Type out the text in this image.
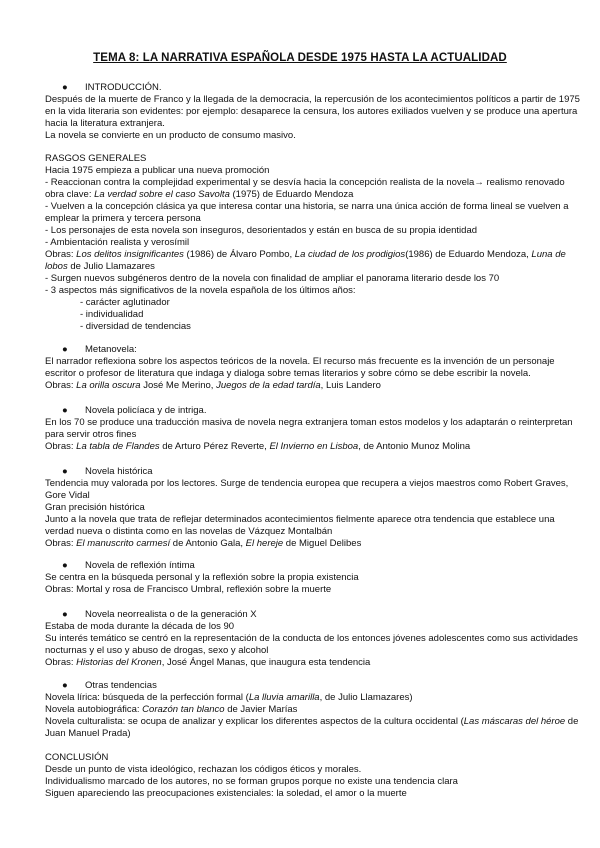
TEMA 8: LA NARRATIVA ESPAÑOLA DESDE 1975 HASTA LA ACTUALIDAD
● INTRODUCCIÓN.
Después de la muerte de Franco y la llegada de la democracia, la repercusión de los acontecimientos políticos a partir de 1975
en la vida literaria son evidentes: por ejemplo: desaparece la censura, los autores exiliados vuelven y se produce una apertura
hacia la literatura extranjera.
La novela se convierte en un producto de consumo masivo.
RASGOS GENERALES
Hacia 1975 empieza a publicar una nueva promoción
- Reaccionan contra la complejidad experimental y se desvía hacia la concepción realista de la novela→ realismo renovado
obra clave: La verdad sobre el caso Savolta (1975) de Eduardo Mendoza
- Vuelven a la concepción clásica ya que interesa contar una historia, se narra una única acción de forma lineal se vuelven a
emplear la primera y tercera persona
- Los personajes de esta novela son inseguros, desorientados y están en busca de su propia identidad
- Ambientación realista y verosímil
Obras: Los delitos insignificantes (1986) de Álvaro Pombo, La ciudad de los prodigios(1986) de Eduardo Mendoza, Luna de
lobos de Julio Llamazares
- Surgen nuevos subgéneros dentro de la novela con finalidad de ampliar el panorama literario desde los 70
- 3 aspectos más significativos de la novela española de los últimos años:
- carácter aglutinador
- individualidad
- diversidad de tendencias
● Metanovela:
El narrador reflexiona sobre los aspectos teóricos de la novela. El recurso más frecuente es la invención de un personaje
escritor o profesor de literatura que indaga y dialoga sobre temas literarios y sobre cómo se debe escribir la novela.
Obras: La orilla oscura José Me Merino, Juegos de la edad tardía, Luis Landero
● Novela policíaca y de intriga.
En los 70 se produce una traducción masiva de novela negra extranjera toman estos modelos y los adaptarán o reinterpretan
para servir otros fines
Obras: La tabla de Flandes de Arturo Pérez Reverte, El Invierno en Lisboa, de Antonio Munoz Molina
● Novela histórica
Tendencia muy valorada por los lectores. Surge de tendencia europea que recupera a viejos maestros como Robert Graves,
Gore Vidal
Gran precisión histórica
Junto a la novela que trata de reflejar determinados acontecimientos fielmente aparece otra tendencia que establece una
verdad nueva o distinta como en las novelas de Vázquez Montalbán
Obras: El manuscrito carmesí de Antonio Gala, El hereje de Miguel Delibes
● Novela de reflexión íntima
Se centra en la búsqueda personal y la reflexión sobre la propia existencia
Obras: Mortal y rosa de Francisco Umbral, reflexión sobre la muerte
● Novela neorrealista o de la generación X
Estaba de moda durante la década de los 90
Su interés temático se centró en la representación de la conducta de los entonces jóvenes adolescentes como sus actividades
nocturnas y el uso y abuso de drogas, sexo y alcohol
Obras: Historias del Kronen, José Ángel Manas, que inaugura esta tendencia
● Otras tendencias
Novela lírica: búsqueda de la perfección formal (La lluvia amarilla, de Julio Llamazares)
Novela autobiográfica: Corazón tan blanco de Javier Marías
Novela culturalista: se ocupa de analizar y explicar los diferentes aspectos de la cultura occidental (Las máscaras del héroe de
Juan Manuel Prada)
CONCLUSIÓN
Desde un punto de vista ideológico, rechazan los códigos éticos y morales.
Individualismo marcado de los autores, no se forman grupos porque no existe una tendencia clara
Siguen apareciendo las preocupaciones existenciales: la soledad, el amor o la muerte
